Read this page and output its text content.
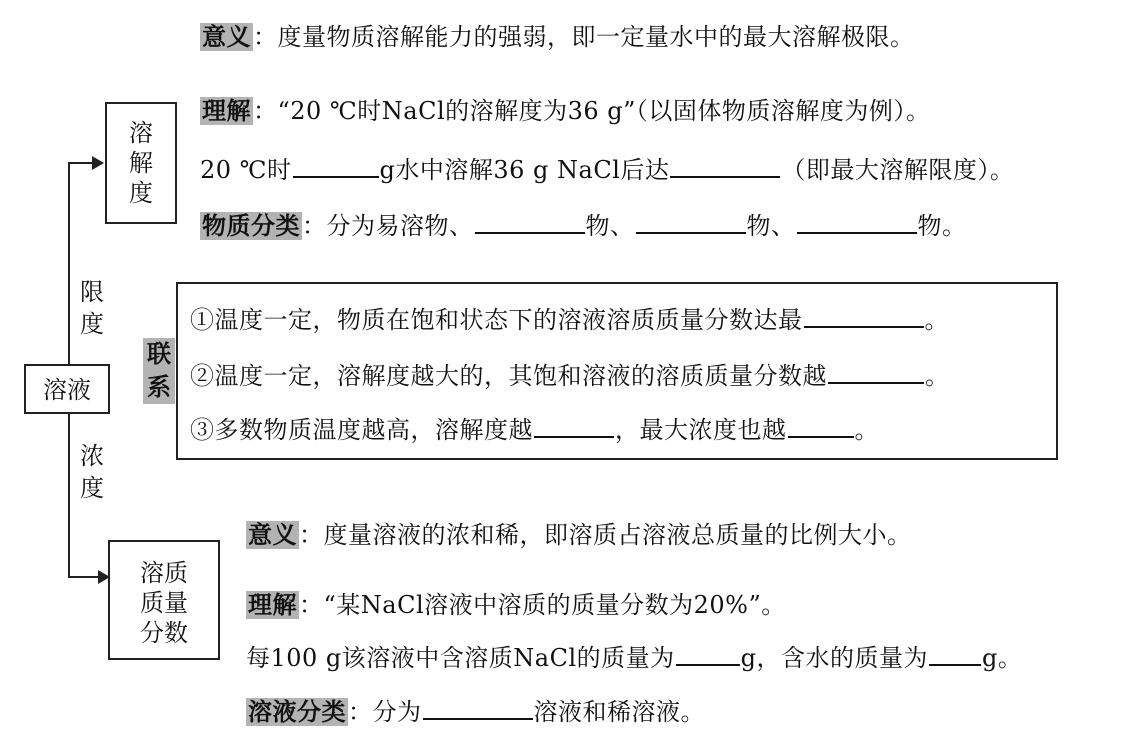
溶解度
溶液
限度
浓度
溶质质量分数
意义：度量物质溶解能力的强弱，即一定量水中的最大溶解极限。
理解：“20 ℃时NaCl的溶解度为36 g”（以固体物质溶解度为例）。
20 ℃时	g水中溶解36 g NaCl后达	（即最大溶解限度）。
物质分类：分为易溶物、	物、	物、	物。
联系
①温度一定，物质在饱和状态下的溶液溶质质量分数达最	。
②温度一定，溶解度越大的，其饱和溶液的溶质质量分数越	。
③多数物质温度越高，溶解度越	，最大浓度也越	。
意义：度量溶液的浓和稀，即溶质占溶液总质量的比例大小。
理解：“某NaCl溶液中溶质的质量分数为20%”。
每100 g该溶液中含溶质NaCl的质量为	g，含水的质量为 g。
溶液分类：分为	溶液和稀溶液。
